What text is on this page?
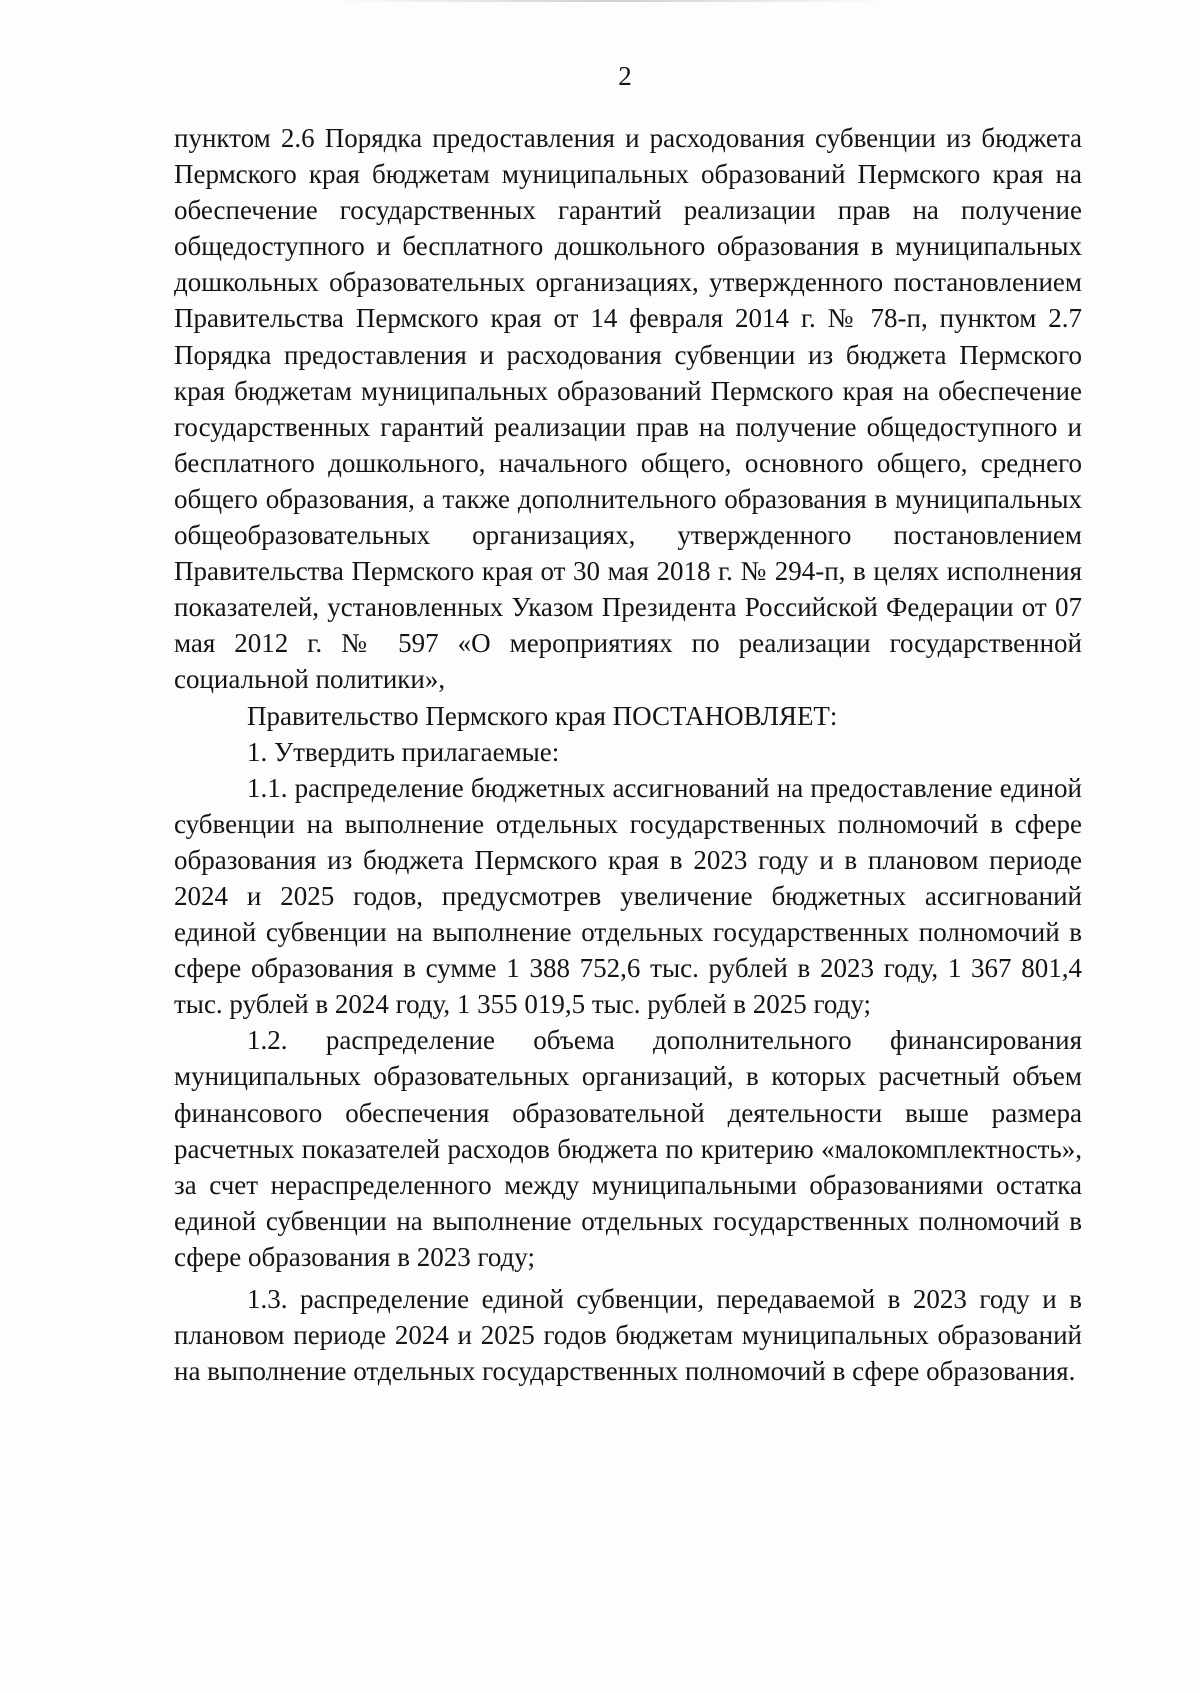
2

пунктом 2.6 Порядка предоставления и расходования субвенции из бюджета Пермского края бюджетам муниципальных образований Пермского края на обеспечение государственных гарантий реализации прав на получение общедоступного и бесплатного дошкольного образования в муниципальных дошкольных образовательных организациях, утвержденного постановлением Правительства Пермского края от 14 февраля 2014 г. № 78-п, пунктом 2.7 Порядка предоставления и расходования субвенции из бюджета Пермского края бюджетам муниципальных образований Пермского края на обеспечение государственных гарантий реализации прав на получение общедоступного и бесплатного дошкольного, начального общего, основного общего, среднего общего образования, а также дополнительного образования в муниципальных общеобразовательных организациях, утвержденного постановлением Правительства Пермского края от 30 мая 2018 г. № 294-п, в целях исполнения показателей, установленных Указом Президента Российской Федерации от 07 мая 2012 г. № 597 «О мероприятиях по реализации государственной социальной политики»,

Правительство Пермского края ПОСТАНОВЛЯЕТ:

1. Утвердить прилагаемые:

1.1. распределение бюджетных ассигнований на предоставление единой субвенции на выполнение отдельных государственных полномочий в сфере образования из бюджета Пермского края в 2023 году и в плановом периоде 2024 и 2025 годов, предусмотрев увеличение бюджетных ассигнований единой субвенции на выполнение отдельных государственных полномочий в сфере образования в сумме 1 388 752,6 тыс. рублей в 2023 году, 1 367 801,4 тыс. рублей в 2024 году, 1 355 019,5 тыс. рублей в 2025 году;

1.2. распределение объема дополнительного финансирования муниципальных образовательных организаций, в которых расчетный объем финансового обеспечения образовательной деятельности выше размера расчетных показателей расходов бюджета по критерию «малокомплектность», за счет нераспределенного между муниципальными образованиями остатка единой субвенции на выполнение отдельных государственных полномочий в сфере образования в 2023 году;

1.3. распределение единой субвенции, передаваемой в 2023 году и в плановом периоде 2024 и 2025 годов бюджетам муниципальных образований на выполнение отдельных государственных полномочий в сфере образования.
